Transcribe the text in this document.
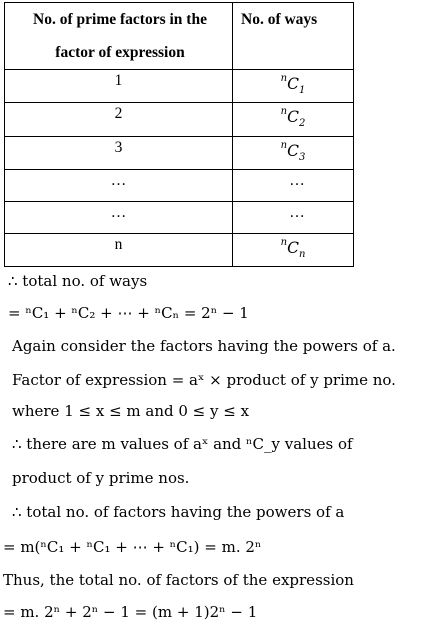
No. of prime factors in the
factor of expression	No. of ways
1	$^nC_1$
2	$^nC_2$
3	$^nC_3$
…	…
…	…
n	$^nC_n$
∴ total no. of ways
= ⁿC₁ + ⁿC₂ + ⋯ + ⁿCₙ = 2ⁿ − 1
Again consider the factors having the powers of a.
Factor of expression = aˣ × product of y prime no.
where 1 ≤ x ≤ m and 0 ≤ y ≤ x
∴ there are m values of aˣ and ⁿC_y values of
product of y prime nos.
∴ total no. of factors having the powers of a
= m(ⁿC₁ + ⁿC₁ + ⋯ + ⁿC₁) = m. 2ⁿ
Thus, the total no. of factors of the expression
= m. 2ⁿ + 2ⁿ − 1 = (m + 1)2ⁿ − 1
